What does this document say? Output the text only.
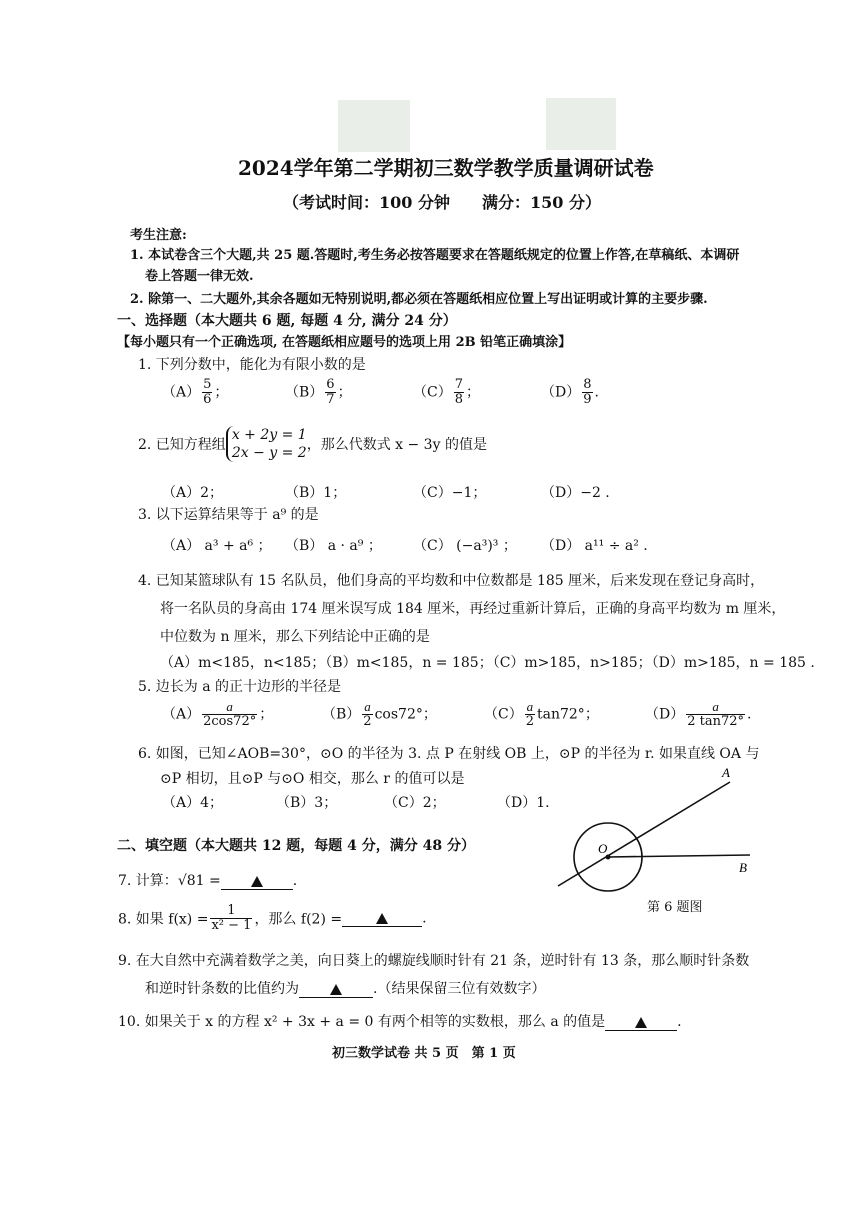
2024学年第二学期初三数学教学质量调研试卷
（考试时间：100 分钟　　满分：150 分）
考生注意:
1. 本试卷含三个大题,共 25 题.答题时,考生务必按答题要求在答题纸规定的位置上作答,在草稿纸、本调研
卷上答题一律无效.
2. 除第一、二大题外,其余各题如无特别说明,都必须在答题纸相应位置上写出证明或计算的主要步骤.
一、选择题（本大题共 6 题, 每题 4 分, 满分 24 分）
【每小题只有一个正确选项, 在答题纸相应题号的选项上用 2B 铅笔正确填涂】
1. 下列分数中，能化为有限小数的是
$(A) \frac{5}{6}$ ；	$(B) \frac{6}{7}$ ；	$(C) \frac{7}{8}$ ；	$(D) \frac{8}{9}$ .
2. 已知方程组
x + 2y = 1
2x − y = 2 ，那么代数式 x − 3y 的值是
（A）2；	（B）1；	（C）−1；	（D）−2 .
3. 以下运算结果等于 a⁹ 的是
（A） a³ + a⁶ ； （B） a · a⁹ ； （C） (−a³)³ ； （D） a¹¹ ÷ a² .
4. 已知某篮球队有 15 名队员，他们身高的平均数和中位数都是 185 厘米，后来发现在登记身高时，
将一名队员的身高由 174 厘米误写成 184 厘米，再经过重新计算后，正确的身高平均数为 m 厘米，
中位数为 n 厘米，那么下列结论中正确的是
（A）m<185，n<185；（B）m<185，n = 185；（C）m>185，n>185；（D）m>185，n = 185 .
5. 边长为 a 的正十边形的半径是
$(A) \frac{a}{2\cos 72^\circ}$ ；	$(B) \frac{a}{2} \cos 72^\circ$；	$(C) \frac{a}{2} \tan 72^\circ$；	$(D) \frac{a}{2 \tan 72^\circ}$ .
6. 如图，已知∠AOB=30°，⊙O 的半径为 3. 点 P 在射线 OB 上，⊙P 的半径为 r. 如果直线 OA 与
⊙P 相切，且⊙P 与⊙O 相交，那么 r 的值可以是
（A）4；	（B）3；	（C）2；	（D）1.
A
B
O
第 6 题图
二、填空题（本大题共 12 题，每题 4 分，满分 48 分）
7. 计算：√81 =	.
8. 如果 $f(x) = \frac{1}{\text{x² − 1}}$ ，那么 f(2) =	.
9. 在大自然中充满着数学之美，向日葵上的螺旋线顺时针有 21 条，逆时针有 13 条，那么顺时针条数
和逆时针条数的比值约为	.（结果保留三位有效数字）
10. 如果关于 x 的方程 x² + 3x + a = 0 有两个相等的实数根，那么 a 的值是	.
初三数学试卷 共 5 页　第 1 页
